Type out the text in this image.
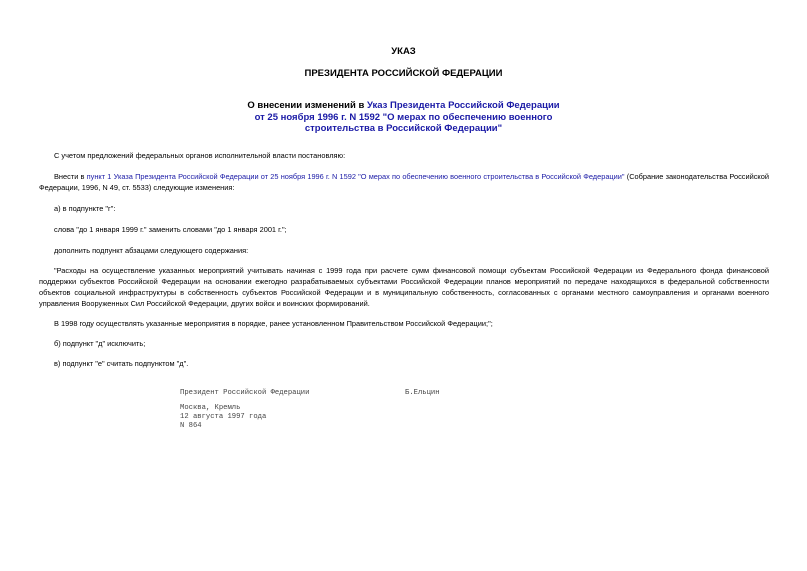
УКАЗ
ПРЕЗИДЕНТА РОССИЙСКОЙ ФЕДЕРАЦИИ
О внесении изменений в Указ Президента Российской Федерации
от 25 ноября 1996 г. N 1592 "О мерах по обеспечению военного
строительства в Российской Федерации"
С учетом предложений федеральных органов исполнительной власти постановляю:
Внести в пункт 1 Указа Президента Российской Федерации от 25 ноября 1996 г. N 1592 "О мерах по обеспечению военного строительства в Российской Федерации" (Собрание законодательства Российской Федерации, 1996, N 49, ст. 5533) следующие изменения:
а) в подпункте "г":
слова "до 1 января 1999 г." заменить словами "до 1 января 2001 г.";
дополнить подпункт абзацами следующего содержания:
"Расходы на осуществление указанных мероприятий учитывать начиная с 1999 года при расчете сумм финансовой помощи субъектам Российской Федерации из Федерального фонда финансовой поддержки субъектов Российской Федерации на основании ежегодно разрабатываемых субъектами Российской Федерации планов мероприятий по передаче находящихся в федеральной собственности объектов социальной инфраструктуры в собственность субъектов Российской Федерации и в муниципальную собственность, согласованных с органами местного самоуправления и органами военного управления Вооруженных Сил Российской Федерации, других войск и воинских формирований.
В 1998 году осуществлять указанные мероприятия в порядке, ранее установленном Правительством Российской Федерации;";
б) подпункт "д" исключить;
в) подпункт "е" считать подпунктом "д".
Президент Российской Федерации	Б.Ельцин
Москва, Кремль
12 августа 1997 года
N 864
